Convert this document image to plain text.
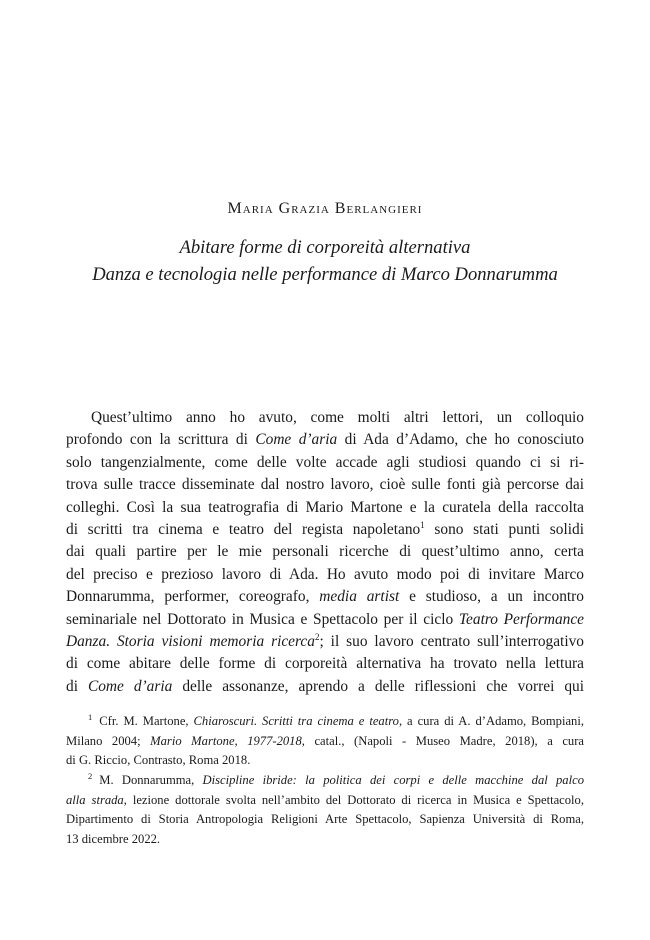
Maria Grazia Berlangieri
Abitare forme di corporeità alternativa
Danza e tecnologia nelle performance di Marco Donnarumma
Quest’ultimo anno ho avuto, come molti altri lettori, un colloquio
profondo con la scrittura di Come d’aria di Ada d’Adamo, che ho conosciuto
solo tangenzialmente, come delle volte accade agli studiosi quando ci si ri-
trova sulle tracce disseminate dal nostro lavoro, cioè sulle fonti già percorse dai
colleghi. Così la sua teatrografia di Mario Martone e la curatela della raccolta
di scritti tra cinema e teatro del regista napoletano$^1$ sono stati punti solidi
dai quali partire per le mie personali ricerche di quest’ultimo anno, certa
del preciso e prezioso lavoro di Ada. Ho avuto modo poi di invitare Marco
Donnarumma, performer, coreografo, media artist e studioso, a un incontro
seminariale nel Dottorato in Musica e Spettacolo per il ciclo Teatro Performance
Danza. Storia visioni memoria ricerca$^2$; il suo lavoro centrato sull’interrogativo
di come abitare delle forme di corporeità alternativa ha trovato nella lettura
di Come d’aria delle assonanze, aprendo a delle riflessioni che vorrei qui
$^1$ Cfr. M. Martone, Chiaroscuri. Scritti tra cinema e teatro, a cura di A. d’Adamo, Bompiani,
Milano 2004; Mario Martone, 1977-2018, catal., (Napoli - Museo Madre, 2018), a cura
di G. Riccio, Contrasto, Roma 2018.
$^2$ M. Donnarumma, Discipline ibride: la politica dei corpi e delle macchine dal palco
alla strada, lezione dottorale svolta nell’ambito del Dottorato di ricerca in Musica e Spettacolo,
Dipartimento di Storia Antropologia Religioni Arte Spettacolo, Sapienza Università di Roma,
13 dicembre 2022.
